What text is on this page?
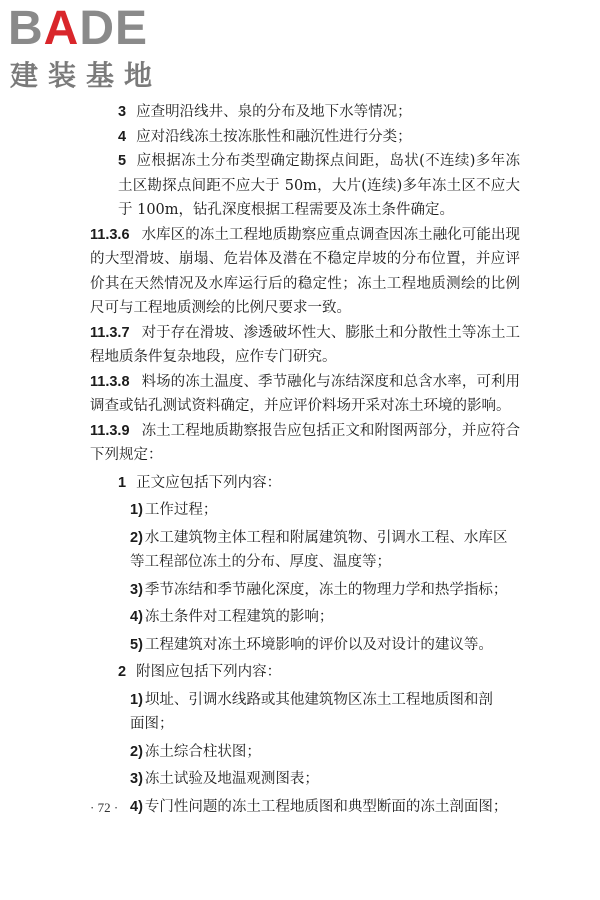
BADE
建装基地

3 应查明沿线井、泉的分布及地下水等情况；

4 应对沿线冻土按冻胀性和融沉性进行分类；

5 应根据冻土分布类型确定勘探点间距，岛状(不连续)多年冻土区勘探点间距不应大于 50m，大片(连续)多年冻土区不应大于 100m，钻孔深度根据工程需要及冻土条件确定。

11.3.6 水库区的冻土工程地质勘察应重点调查因冻土融化可能出现的大型滑坡、崩塌、危岩体及潜在不稳定岸坡的分布位置，并应评价其在天然情况及水库运行后的稳定性；冻土工程地质测绘的比例尺可与工程地质测绘的比例尺要求一致。

11.3.7 对于存在滑坡、渗透破坏性大、膨胀土和分散性土等冻土工程地质条件复杂地段，应作专门研究。

11.3.8 料场的冻土温度、季节融化与冻结深度和总含水率，可利用调查或钻孔测试资料确定，并应评价料场开采对冻土环境的影响。

11.3.9 冻土工程地质勘察报告应包括正文和附图两部分，并应符合下列规定：

1 正文应包括下列内容：

1) 工作过程；

2) 水工建筑物主体工程和附属建筑物、引调水工程、水库区

等工程部位冻土的分布、厚度、温度等；

3) 季节冻结和季节融化深度，冻土的物理力学和热学指标；

4) 冻土条件对工程建筑的影响；

5) 工程建筑对冻土环境影响的评价以及对设计的建议等。

2 附图应包括下列内容：

1) 坝址、引调水线路或其他建筑物区冻土工程地质图和剖

面图；

2) 冻土综合柱状图；

3) 冻土试验及地温观测图表；

4) 专门性问题的冻土工程地质图和典型断面的冻土剖面图；

· 72 ·
